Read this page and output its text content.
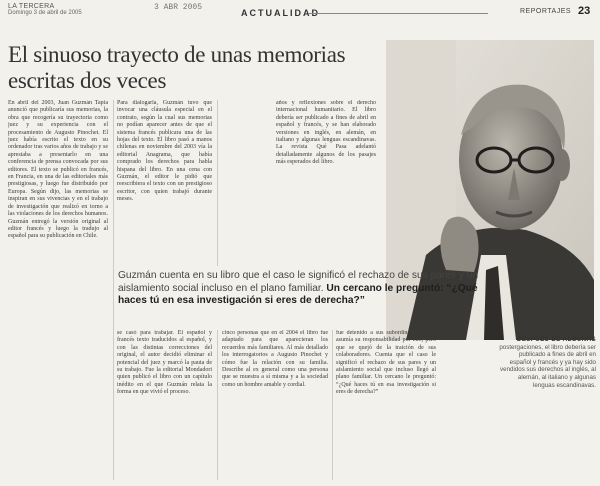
LA TERCERA
Domingo 3 de abril de 2005
3 ABR 2005
ACTUALIDAD	REPORTAJES 23
El sinuoso trayecto de unas memorias escritas dos veces
En abril del 2003, Juan Guzmán Tapia anunció que publicaría sus memorias, la obra que recogería su trayectoria como juez y su experiencia con el procesamiento de Augusto Pinochet. El juez había escrito el texto en su ordenador tras varios años de trabajo y se aprestaba a presentarlo en una conferencia de prensa convocada por sus editores. El texto se publicó en francés, en Francia, en una de las editoriales más prestigiosas, y luego fue distribuido por Europa. Según dijo, las memorias se inspiran en sus vivencias y en el trabajo de investigación que realizó en torno a las violaciones de los derechos humanos. Guzmán entregó la versión original al editor francés y luego la tradujo al español para su publicación en Chile.
Para dialogarla, Guzmán tuvo que invocar una cláusula especial en el contrato, según la cual sus memorias no podían aparecer antes de que el sistema francés publicara una de las hojas del texto. El libro pasó a manos chilenas en noviembre del 2003 vía la editorial Anagrama, que había comprado los derechos para habla hispana del libro. En una cena con Guzmán, el editor le pidió que reescribiera el texto con un prestigioso escritor, con quien trabajó durante meses.
años y reflexiones sobre el derecho internacional humanitario. El libro debería ser publicado a fines de abril en español y francés, y se han elaborado versiones en inglés, en alemán, en italiano y algunas lenguas escandinavas. La revista Qué Pasa adelantó detalladamente algunos de los pasajes más esperados del libro.
Guzmán cuenta en su libro que el caso le significó el rechazo de sus pares y un aislamiento social incluso en el plano familiar. Un cercano le preguntó: “¿Qué haces tú en esa investigación si eres de derecha?”
se casó para trabajar. El español y francés texto traducidos al español, y con las distintas correcciones del original, el autor decidió eliminar el potencial del juez y marcó la pauta de su trabajo. Fue la editorial Mondadori quien publicó el libro con un capítulo inédito en el que Guzmán relata la forma en que vivió el proceso.
cinco personas que en el 2004 el libro fue adaptado para que aparecieran los recuerdos más familiares. Al más detallado los interrogatorios a Augusto Pinochet y cómo fue la relación con su familia. Describe al ex general como una persona que se muestra a sí misma y a la sociedad como un hombre amable y cordial.
fue detenido a sus subordinados y que asumía su responsabilidad por ello, pero que se quejó de la traición de sus colaboradores. Cuenta que el caso le significó el rechazo de sus pares y un aislamiento social que incluso llegó al plano familiar. Un cercano le preguntó: “¿Qué haces tú en esa investigación si eres de derecha?”
DESPUÉS DE ALGUNAS
postergaciones, el libro debería ser publicado a fines de abril en español y francés y ya hay sido vendidos sus derechos al inglés, al alemán, al italiano y algunas lenguas escandinavas.
